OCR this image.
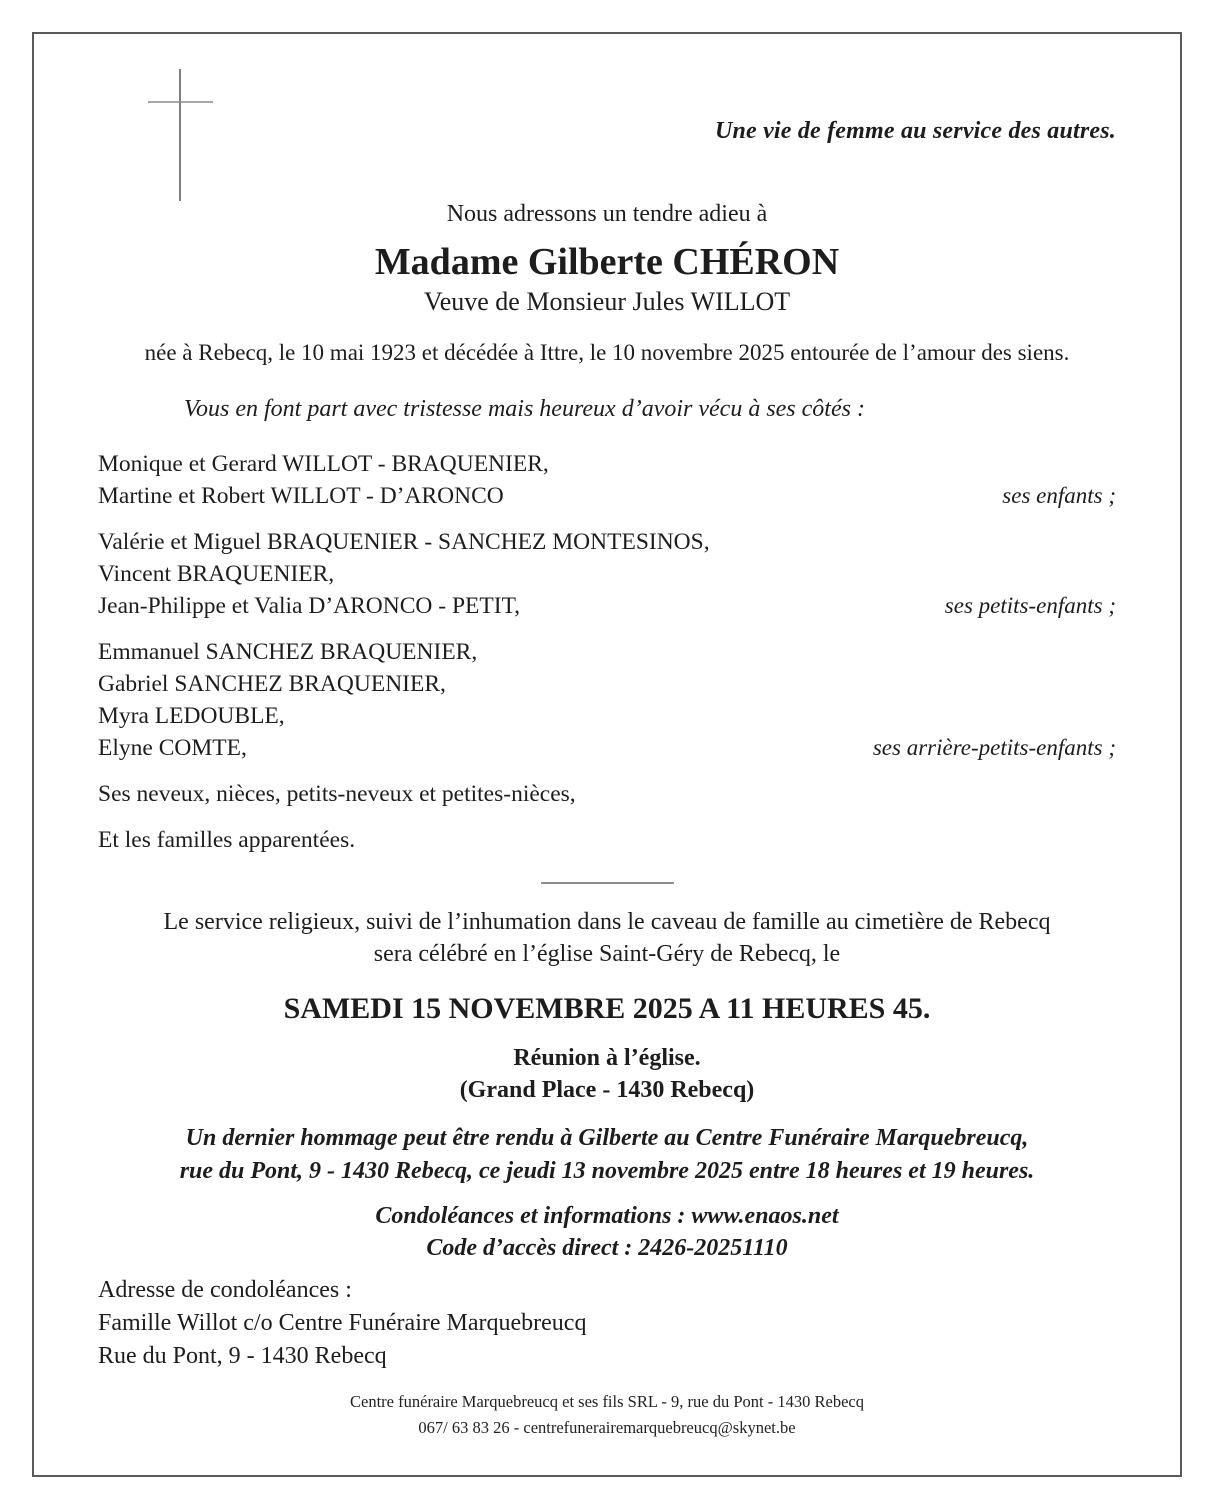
Une vie de femme au service des autres.
Nous adressons un tendre adieu à
Madame Gilberte CHÉRON
Veuve de Monsieur Jules WILLOT
née à Rebecq, le 10 mai 1923 et décédée à Ittre, le 10 novembre 2025 entourée de l’amour des siens.
Vous en font part avec tristesse mais heureux d’avoir vécu à ses côtés :
Monique et Gerard WILLOT - BRAQUENIER,
Martine et Robert WILLOT - D’ARONCO	ses enfants ;
Valérie et Miguel BRAQUENIER - SANCHEZ MONTESINOS,
Vincent BRAQUENIER,
Jean-Philippe et Valia D’ARONCO - PETIT,	ses petits-enfants ;
Emmanuel SANCHEZ BRAQUENIER,
Gabriel SANCHEZ BRAQUENIER,
Myra LEDOUBLE,
Elyne COMTE,	ses arrière-petits-enfants ;
Ses neveux, nièces, petits-neveux et petites-nièces,
Et les familles apparentées.
Le service religieux, suivi de l’inhumation dans le caveau de famille au cimetière de Rebecq
sera célébré en l’église Saint-Géry de Rebecq, le
SAMEDI 15 NOVEMBRE 2025 A 11 HEURES 45.
Réunion à l’église.
(Grand Place - 1430 Rebecq)
Un dernier hommage peut être rendu à Gilberte au Centre Funéraire Marquebreucq,
rue du Pont, 9 - 1430 Rebecq, ce jeudi 13 novembre 2025 entre 18 heures et 19 heures.
Condoléances et informations : www.enaos.net
Code d’accès direct : 2426-20251110
Adresse de condoléances :
Famille Willot c/o Centre Funéraire Marquebreucq
Rue du Pont, 9 - 1430 Rebecq
Centre funéraire Marquebreucq et ses fils SRL - 9, rue du Pont - 1430 Rebecq
067/ 63 83 26 - centrefunerairemarquebreucq@skynet.be
